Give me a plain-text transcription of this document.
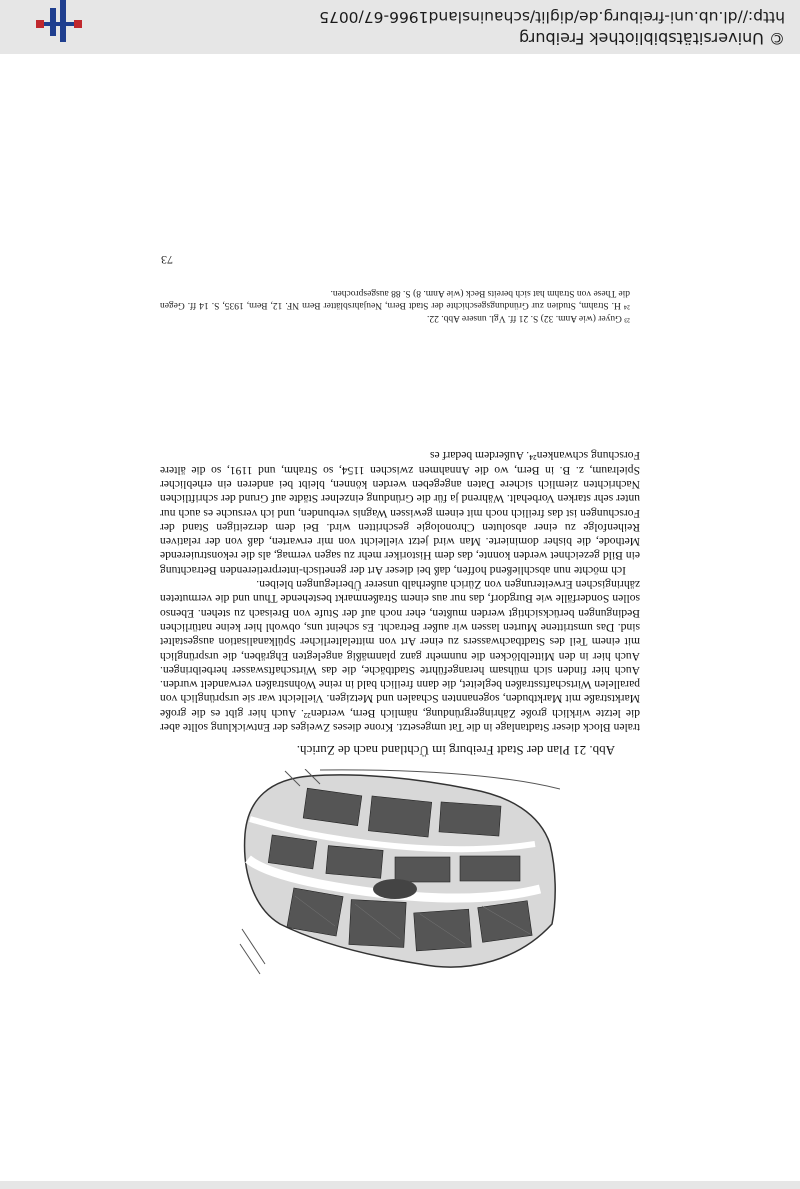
Abb. 21 Plan der Stadt Freiburg im Üchtland nach de Zurich.

tralen Block dieser Stadtanlage in die Tat umgesetzt. Krone dieses Zweiges der Entwicklung sollte aber die letzte wirklich große Zähringergründung, nämlich Bern, werden²². Auch hier gibt es die große Marktstraße mit Marktbuden, sogenannten Schaalen und Metzigen. Vielleicht war sie ursprünglich von parallelen Wirtschaftsstraßen begleitet, die dann freilich bald in reine Wohnstraßen verwandelt wurden. Auch hier finden sich mühsam herangeführte Stadtbäche, die das Wirtschaftswasser herbeibringen. Auch hier in den Mittelblöcken die nunmehr ganz planmäßig angelegten Ehgräben, die ursprünglich mit einem Teil des Stadtbachwassers zu einer Art von mittelalterlicher Spülkanalisation ausgestaltet sind. Das umstrittene Murten lassen wir außer Betracht. Es scheint uns, obwohl hier keine natürlichen Bedingungen berücksichtigt werden mußten, eher noch auf der Stufe von Breisach zu stehen. Ebenso sollen Sonderfälle wie Burgdorf, das nur aus einem Straßenmarkt bestehende Thun und die vermuteten zähringischen Erweiterungen von Zürich außerhalb unserer Überlegungen bleiben.

Ich möchte nun abschließend hoffen, daß bei dieser Art der genetisch-interpretierenden Betrachtung ein Bild gezeichnet werden konnte, das dem Historiker mehr zu sagen vermag, als die rekonstruierende Methode, die bisher dominierte. Man wird jetzt vielleicht von mir erwarten, daß von der relativen Reihenfolge zu einer absoluten Chronologie geschritten wird. Bei dem derzeitigen Stand der Forschungen ist das freilich noch mit einem gewissen Wagnis verbunden, und ich versuche es auch nur unter sehr starken Vorbehalt. Während ja für die Gründung einzelner Städte auf Grund der schriftlichen Nachrichten ziemlich sichere Daten angegeben werden können, bleibt bei anderen ein erheblicher Spielraum, z. B. in Bern, wo die Annahmen zwischen 1154, so Strahm, und 1191, so die ältere Forschung schwanken²⁴. Außerdem bedarf es

²³ Guyer (wie Anm. 32) S. 21 ff. Vgl. unsere Abb. 22.

²⁴ H. Strahm, Studien zur Gründungsgeschichte der Stadt Bern, Neujahrsblätter Bern NF. 12, Bern, 1935, S. 14 ff. Gegen die These von Strahm hat sich bereits Beck (wie Anm. 8) S. 88 ausgesprochen.

73
© Universitätsbibliothek Freiburg
http://dl.ub.uni-freiburg.de/diglit/schauinsland1966-67/0075
